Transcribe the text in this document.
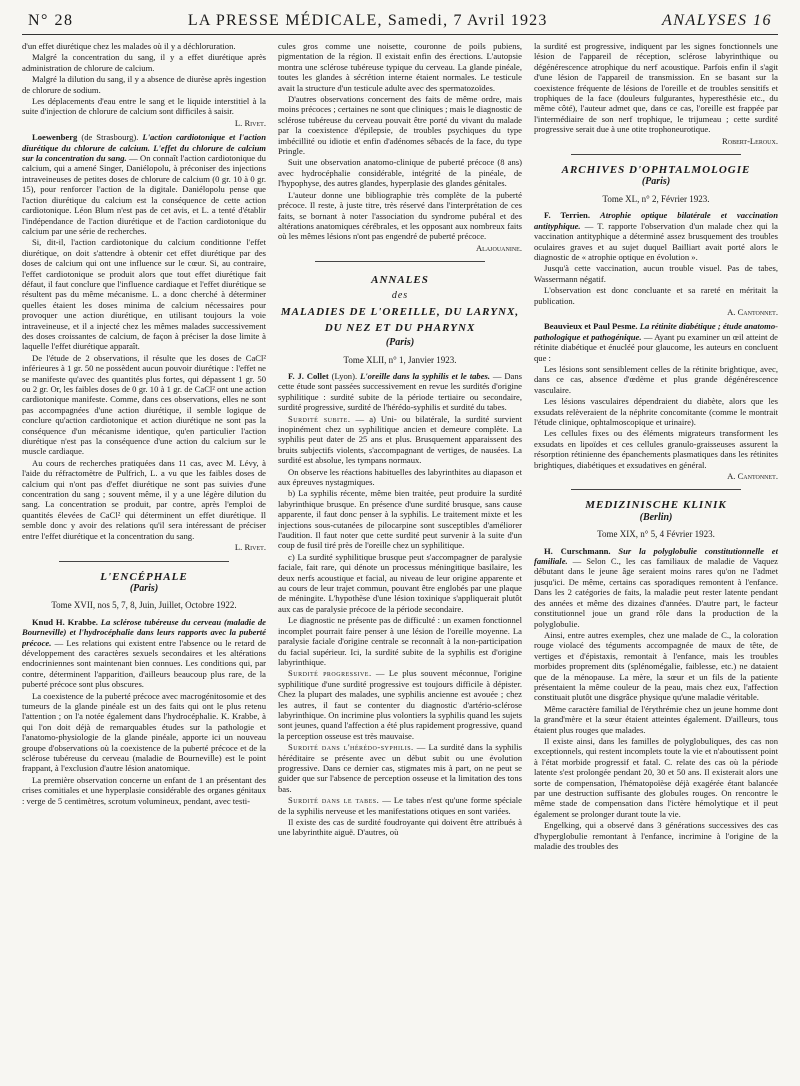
N° 28	LA PRESSE MÉDICALE, Samedi, 7 Avril 1923	ANALYSES 16

d'un effet diurétique chez les malades où il y a déchloruration.

Malgré la concentration du sang, il y a effet diurétique après administration de chlorure de calcium.

Malgré la dilution du sang, il y a absence de diurèse après ingestion de chlorure de sodium.

Les déplacements d'eau entre le sang et le liquide interstitiel à la suite d'injection de chlorure de calcium sont difficiles à saisir.

L. Rivet.

Loewenberg (de Strasbourg). L'action cardiotonique et l'action diurétique du chlorure de calcium. L'effet du chlorure de calcium sur la concentration du sang. — On connaît l'action cardiotonique du calcium, qui a amené Singer, Daniélopolu, à préconiser des injections intraveineuses de petites doses de chlorure de calcium (0 gr. 10 à 0 gr. 15), pour renforcer l'action de la digitale. Daniélopolu pense que l'action diurétique du calcium est la conséquence de cette action cardiotonique. Léon Blum n'est pas de cet avis, et L. a tenté d'établir l'indépendance de l'action diurétique et de l'action cardiotonique du calcium par une série de recherches.

Si, dit-il, l'action cardiotonique du calcium conditionne l'effet diurétique, on doit s'attendre à obtenir cet effet diurétique par des doses de calcium qui ont une influence sur le cœur. Si, au contraire, l'effet cardiotonique se produit alors que tout effet diurétique fait défaut, il faut conclure que l'influence cardiaque et l'effet diurétique se résultent pas du même mécanisme. L. a donc cherché à déterminer quelles étaient les doses minima de calcium nécessaires pour provoquer une action diurétique, en utilisant toujours la voie intraveineuse, et il a injecté chez les mêmes malades successivement des doses croissantes de calcium, de façon à préciser la dose limite à laquelle l'effet diurétique apparaît.

De l'étude de 2 observations, il résulte que les doses de CaCl² inférieures à 1 gr. 50 ne possèdent aucun pouvoir diurétique : l'effet ne se manifeste qu'avec des quantités plus fortes, qui dépassent 1 gr. 50 ou 2 gr. Or, les faibles doses de 0 gr. 10 à 1 gr. de CaCl² ont une action cardiotonique manifeste. Comme, dans ces observations, elles ne sont pas accompagnées d'une action diurétique, il semble logique de conclure qu'action cardiotonique et action diurétique ne sont pas la conséquence d'un mécanisme identique, qu'en particulier l'action diurétique n'est pas la conséquence d'une action du calcium sur le muscle cardiaque.

Au cours de recherches pratiquées dans 11 cas, avec M. Lévy, à l'aide du réfractomètre de Pulfrich, L. a vu que les faibles doses de calcium qui n'ont pas d'effet diurétique ne sont pas suivies d'une concentration du sang ; souvent même, il y a une légère dilution du sang. La concentration se produit, par contre, après l'emploi de quantités élevées de CaCl² qui déterminent un effet diurétique. Il semble donc y avoir des relations qu'il sera intéressant de préciser entre l'effet diurétique et la concentration du sang.

L. Rivet.
L'ENCÉPHALE
(Paris)
Tome XVII, nos 5, 7, 8, Juin, Juillet, Octobre 1922.

Knud H. Krabbe. La sclérose tubéreuse du cerveau (maladie de Bourneville) et l'hydrocéphalie dans leurs rapports avec la puberté précoce. — Les relations qui existent entre l'absence ou le retard de développement des caractères sexuels secondaires et les altérations endocriniennes sont maintenant bien connues. Les conditions qui, par contre, déterminent l'apparition, d'ailleurs beaucoup plus rare, de la puberté précoce sont plus obscures.

La coexistence de la puberté précoce avec macrogénitosomie et des tumeurs de la glande pinéale est un des faits qui ont le plus retenu l'attention ; on l'a notée également dans l'hydrocéphalie. K. Krabbe, à qui l'on doit déjà de remarquables études sur la pathologie et l'anatomo-physiologie de la glande pinéale, apporte ici un nouveau groupe d'observations où la coexistence de la puberté précoce et de la sclérose tubéreuse du cerveau (maladie de Bourneville) est le point frappant, à l'exclusion d'autre lésion anatomique.

La première observation concerne un enfant de 1 an présentant des crises comitiales et une hyperplasie considérable des organes génitaux : verge de 5 centimètres, scrotum volumineux, pendant, avec testi-

cules gros comme une noisette, couronne de poils pubiens, pigmentation de la région. Il existait enfin des érections. L'autopsie montra une sclérose tubéreuse typique du cerveau. La glande pinéale, toutes les glandes à sécrétion interne étaient normales. Le testicule avait la structure d'un testicule adulte avec des spermatozoïdes.

D'autres observations concernent des faits de même ordre, mais moins précoces ; certaines ne sont que cliniques ; mais le diagnostic de sclérose tubéreuse du cerveau pouvait être porté du vivant du malade par la coexistence d'épilepsie, de troubles psychiques du type imbécillité ou idiotie et enfin d'adénomes sébacés de la face, du type Pringle.

Suit une observation anatomo-clinique de puberté précoce (8 ans) avec hydrocéphalie considérable, intégrité de la pinéale, de l'hypophyse, des autres glandes, hyperplasie des glandes génitales.

L'auteur donne une bibliographie très complète de la puberté précoce. Il reste, à juste titre, très réservé dans l'interprétation de ces faits, se bornant à noter l'association du syndrome pubéral et des altérations anatomiques cérébrales, et les opposant aux nombreux faits où les mêmes lésions n'ont pas engendré de puberté précoce.

Alajouanine.
ANNALES
des
MALADIES DE L'OREILLE, DU LARYNX,
DU NEZ ET DU PHARYNX
(Paris)
Tome XLII, n° 1, Janvier 1923.

F. J. Collet (Lyon). L'oreille dans la syphilis et le tabes. — Dans cette étude sont passées successivement en revue les surdités d'origine syphilitique : surdité subite de la période tertiaire ou secondaire, surdité progressive, surdité de l'hérédo-syphilis et surdité du tabes.

Surdité subite. — a) Uni- ou bilatérale, la surdité survient inopinément chez un syphilitique ancien et demeure complète. La syphilis peut dater de 25 ans et plus. Brusquement apparaissent des bruits subjectifs violents, s'accompagnant de vertiges, de nausées. La surdité est absolue, les tympans normaux.

On observe les réactions habituelles des labyrinthites au diapason et aux épreuves nystagmiques.

b) La syphilis récente, même bien traitée, peut produire la surdité labyrinthique brusque. En présence d'une surdité brusque, sans cause apparente, il faut donc penser à la syphilis. Le traitement mixte et les injections sous-cutanées de pilocarpine sont susceptibles d'améliorer l'audition. Il faut noter que cette surdité peut survenir à la suite d'un coup de fusil tiré près de l'oreille chez un syphilitique.

c) La surdité syphilitique brusque peut s'accompagner de paralysie faciale, fait rare, qui dénote un processus méningitique basilaire, les deux nerfs acoustique et facial, au niveau de leur origine apparente et au cours de leur trajet commun, pouvant être englobés par une plaque de méningite. L'hypothèse d'une lésion toxinique s'appliquerait plutôt aux cas de paralysie précoce de la période secondaire.

Le diagnostic ne présente pas de difficulté : un examen fonctionnel incomplet pourrait faire penser à une lésion de l'oreille moyenne. La paralysie faciale d'origine centrale se reconnaît à la non-participation du facial supérieur. Ici, la surdité subite de la syphilis est d'origine labyrinthique.

Surdité progressive. — Le plus souvent méconnue, l'origine syphilitique d'une surdité progressive est toujours difficile à dépister. Chez la plupart des malades, une syphilis ancienne est avouée ; chez les autres, il faut se contenter du diagnostic d'artério-sclérose labyrinthique. On incrimine plus volontiers la syphilis quand les sujets sont jeunes, quand l'affection a été plus rapidement progressive, quand la perception osseuse est très mauvaise.

Surdité dans l'hérédo-syphilis. — La surdité dans la syphilis héréditaire se présente avec un début subit ou une évolution progressive. Dans ce dernier cas, stigmates mis à part, on ne peut se guider que sur l'absence de perception osseuse et la limitation des tons bas.

Surdité dans le tabes. — Le tabes n'est qu'une forme spéciale de la syphilis nerveuse et les manifestations otiques en sont variées.

Il existe des cas de surdité foudroyante qui doivent être attribués à une labyrinthite aiguë. D'autres, où

la surdité est progressive, indiquent par les signes fonctionnels une lésion de l'appareil de réception, sclérose labyrinthique ou dégénérescence atrophique du nerf acoustique. Parfois enfin il s'agit d'une lésion de l'appareil de transmission. En se basant sur la coexistence fréquente de lésions de l'oreille et de troubles sensitifs et trophiques de la face (douleurs fulgurantes, hyperesthésie etc., du même côté), l'auteur admet que, dans ce cas, l'oreille est frappée par l'intermédiaire de son nerf trophique, le trijumeau ; cette surdité progressive serait due à une otite trophoneurotique.

Robert-Leroux.
ARCHIVES D'OPHTALMOLOGIE
(Paris)
Tome XL, n° 2, Février 1923.

F. Terrien. Atrophie optique bilatérale et vaccination antityphique. — T. rapporte l'observation d'un malade chez qui la vaccination antityphique a déterminé assez brusquement des troubles oculaires graves et au sujet duquel Bailliart avait porté alors le diagnostic de « atrophie optique en évolution ».

Jusqu'à cette vaccination, aucun trouble visuel. Pas de tabes, Wassermann négatif.

L'observation est donc concluante et sa rareté en méritait la publication.

A. Cantonnet.

Beauvieux et Paul Pesme. La rétinite diabétique ; étude anatomo-pathologique et pathogénique. — Ayant pu examiner un œil atteint de rétinite diabétique et énucléé pour glaucome, les auteurs en concluent que :

Les lésions sont sensiblement celles de la rétinite brightique, avec, dans ce cas, absence d'œdème et plus grande dégénérescence vasculaire.

Les lésions vasculaires dépendraient du diabète, alors que les exsudats relèveraient de la néphrite concomitante (comme le montrait l'étude clinique, ophtalmoscopique et urinaire).

Les cellules fixes ou des éléments migrateurs transforment les exsudats en lipoïdes et ces cellules granulo-graisseuses assurent la résorption rétinienne des épanchements plasmatiques dans les rétinites brightiques, diabétiques et exsudatives en général.

A. Cantonnet.
MEDIZINISCHE KLINIK
(Berlin)
Tome XIX, n° 5, 4 Février 1923.

H. Curschmann. Sur la polyglobulie constitutionnelle et familiale. — Selon C., les cas familiaux de maladie de Vaquez débutant dans le jeune âge seraient moins rares qu'on ne l'admet jusqu'ici. De même, certains cas sporadiques remontent à l'enfance. Dans les 2 catégories de faits, la maladie peut rester latente pendant des années et même des dizaines d'années. D'autre part, le facteur constitutionnel joue un grand rôle dans la production de la polyglobulie.

Ainsi, entre autres exemples, chez une malade de C., la coloration rouge violacé des téguments accompagnée de maux de tête, de vertiges et d'épistaxis, remontait à l'enfance, mais les troubles morbides proprement dits (splénomégalie, faiblesse, etc.) ne dataient que de la ménopause. La mère, la sœur et un fils de la patiente présentaient la même couleur de la peau, mais chez eux, l'affection constituait plutôt une disgrâce physique qu'une maladie véritable.

Même caractère familial de l'érythrémie chez un jeune homme dont la grand'mère et la sœur étaient atteintes également. D'ailleurs, tous étaient plus rouges que malades.

Il existe ainsi, dans les familles de polyglobuliques, des cas non exceptionnels, qui restent incomplets toute la vie et n'aboutissent point à l'état morbide progressif et fatal. C. relate des cas où la période latente s'est prolongée pendant 20, 30 et 50 ans. Il existerait alors une sorte de compensation, l'hématopoïèse déjà exagérée étant balancée par une destruction suffisante des globules rouges. On rencontre le même stade de compensation dans l'ictère hémolytique et il peut également se prolonger durant toute la vie.

Engelking, qui a observé dans 3 générations successives des cas d'hyperglobulie remontant à l'enfance, incrimine à l'origine de la maladie des troubles des
